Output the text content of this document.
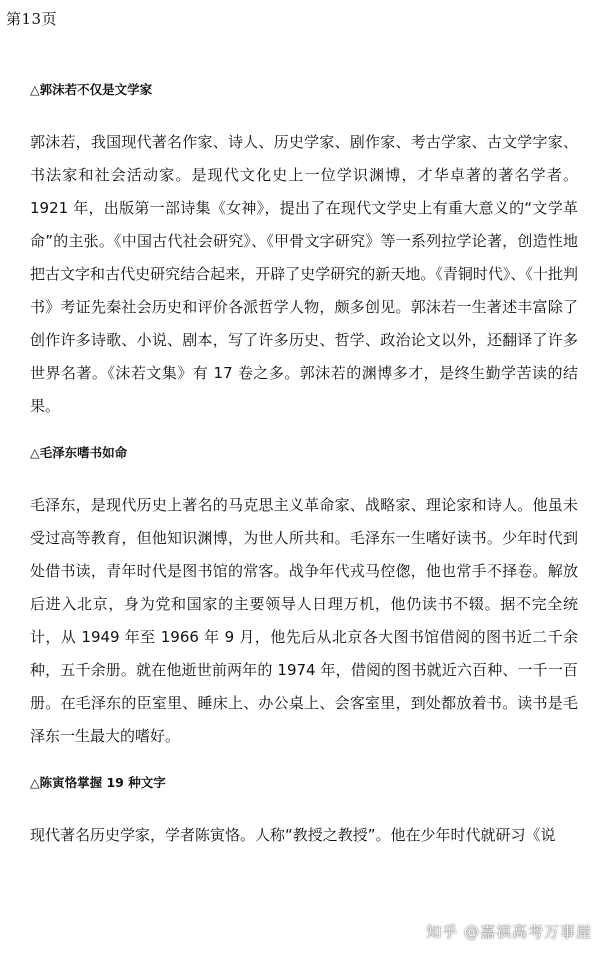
第13页
△郭沫若不仅是文学家

郭沫若，我国现代著名作家、诗人、历史学家、剧作家、考古学家、古文学字家、书法家和社会活动家。是现代文化史上一位学识渊博，才华卓著的著名学者。1921 年，出版第一部诗集《女神》，提出了在现代文学史上有重大意义的“文学革命”的主张。《中国古代社会研究》、《甲骨文字研究》等一系列拉学论著，创造性地把古文字和古代史研究结合起来，开辟了史学研究的新天地。《青铜时代》、《十批判书》考证先秦社会历史和评价各派哲学人物，颇多创见。郭沫若一生著述丰富除了创作许多诗歌、小说、剧本，写了许多历史、哲学、政治论文以外，还翻译了许多世界名著。《沫若文集》有 17 卷之多。郭沫若的渊博多才，是终生勤学苦读的结果。

△毛泽东嗜书如命

毛泽东，是现代历史上著名的马克思主义革命家、战略家、理论家和诗人。他虽未受过高等教育，但他知识渊博，为世人所共和。毛泽东一生嗜好读书。少年时代到处借书读，青年时代是图书馆的常客。战争年代戎马倥偬，他也常手不择卷。解放后进入北京，身为党和国家的主要领导人日理万机，他仍读书不辍。据不完全统计，从 1949 年至 1966 年 9 月，他先后从北京各大图书馆借阅的图书近二千余种，五千余册。就在他逝世前两年的 1974 年，借阅的图书就近六百种、一千一百册。在毛泽东的臣室里、睡床上、办公桌上、会客室里，到处都放着书。读书是毛泽东一生最大的嗜好。

△陈寅恪掌握 19 种文字

现代著名历史学家，学者陈寅恪。人称“教授之教授”。他在少年时代就研习《说

知乎 @嘉祺高考万事屋
